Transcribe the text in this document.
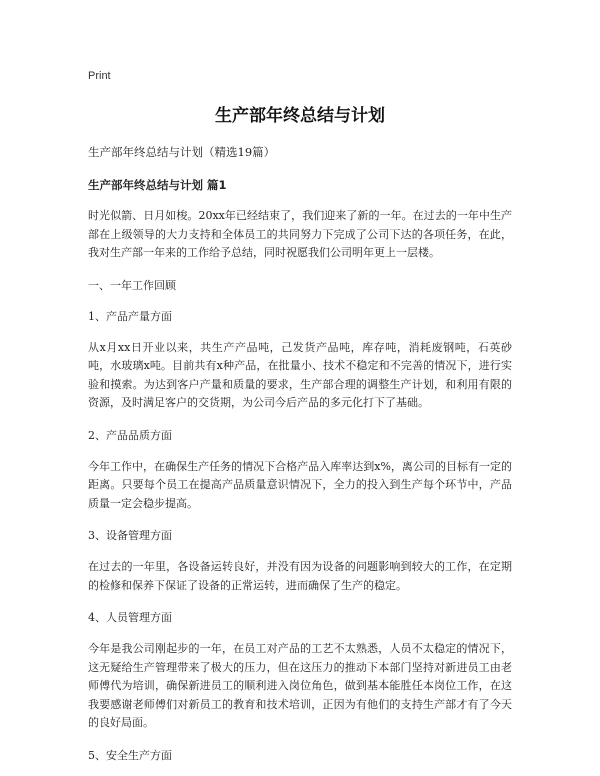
Print

生产部年终总结与计划

生产部年终总结与计划（精选19篇）

生产部年终总结与计划 篇1

时光似箭、日月如梭。20xx年已经结束了，我们迎来了新的一年。在过去的一年中生产部在上级领导的大力支持和全体员工的共同努力下完成了公司下达的各项任务，在此，我对生产部一年来的工作给予总结，同时祝愿我们公司明年更上一层楼。

一、一年工作回顾

1、产品产量方面

从x月xx日开业以来，共生产产品吨，己发货产品吨，库存吨，消耗废钢吨，石英砂吨，水玻璃x吨。目前共有x种产品，在批量小、技术不稳定和不完善的情况下，进行实验和摸索。为达到客户产量和质量的要求，生产部合理的调整生产计划，和利用有限的资源，及时满足客户的交货期，为公司今后产品的多元化打下了基础。

2、产品品质方面

今年工作中，在确保生产任务的情况下合格产品入库率达到x%，离公司的目标有一定的距离。只要每个员工在提高产品质量意识情况下，全力的投入到生产每个环节中，产品质量一定会稳步提高。

3、设备管理方面

在过去的一年里，各设备运转良好，并没有因为设备的问题影响到较大的工作，在定期的检修和保养下保证了设备的正常运转，进而确保了生产的稳定。

4、人员管理方面

今年是我公司刚起步的一年，在员工对产品的工艺不太熟悉，人员不太稳定的情况下，这无疑给生产管理带来了极大的压力，但在这压力的推动下本部门坚持对新进员工由老师傅代为培训，确保新进员工的顺利进入岗位角色，做到基本能胜任本岗位工作，在这我要感谢老师傅们对新员工的教育和技术培训，正因为有他们的支持生产部才有了今天的良好局面。

5、安全生产方面
